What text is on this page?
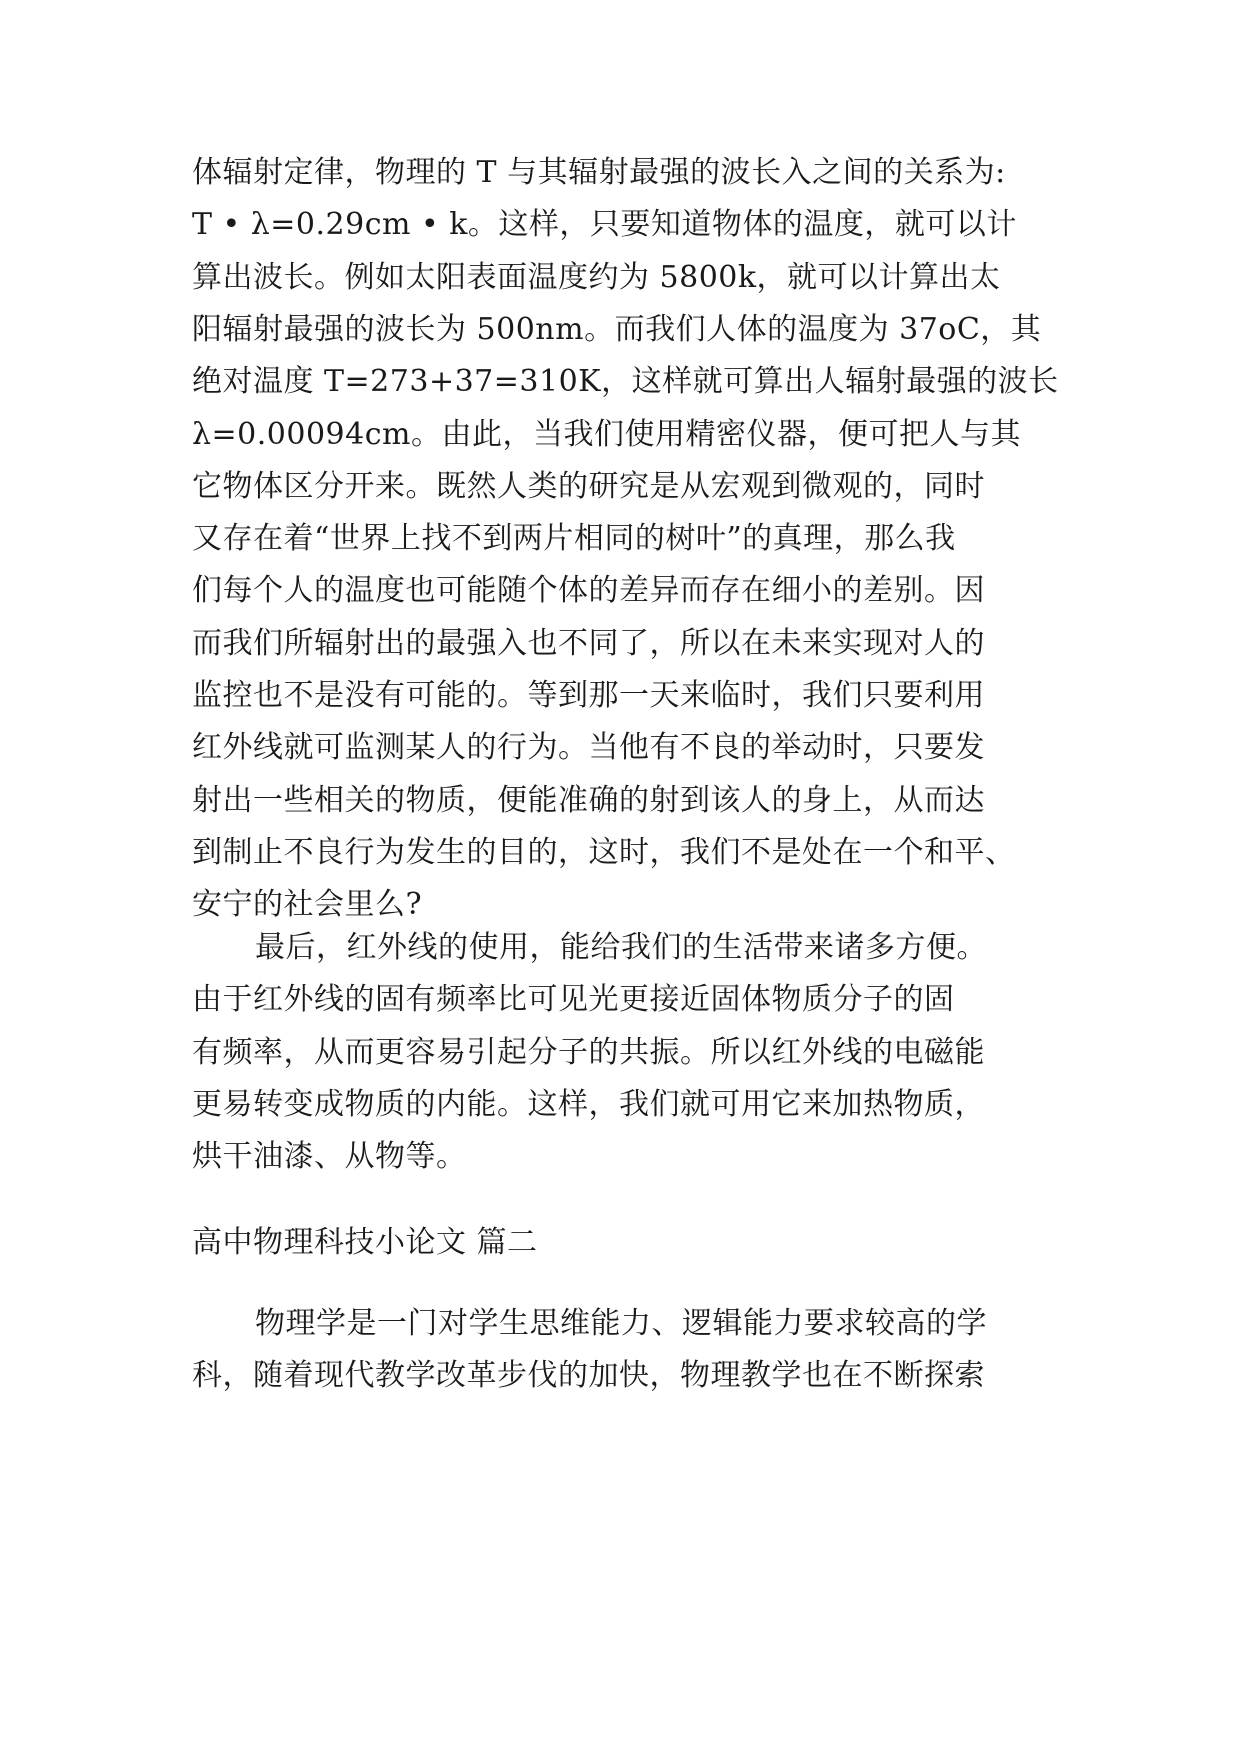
体辐射定律，物理的 T 与其辐射最强的波长入之间的关系为:
T • λ=0.29cm • k。这样，只要知道物体的温度，就可以计
算出波长。例如太阳表面温度约为 5800k，就可以计算出太
阳辐射最强的波长为 500nm。而我们人体的温度为 37oC，其
绝对温度 T=273+37=310K，这样就可算出人辐射最强的波长
λ=0.00094cm。由此，当我们使用精密仪器，便可把人与其
它物体区分开来。既然人类的研究是从宏观到微观的，同时
又存在着“世界上找不到两片相同的树叶”的真理，那么我
们每个人的温度也可能随个体的差异而存在细小的差别。因
而我们所辐射出的最强入也不同了，所以在未来实现对人的
监控也不是没有可能的。等到那一天来临时，我们只要利用
红外线就可监测某人的行为。当他有不良的举动时，只要发
射出一些相关的物质，便能准确的射到该人的身上，从而达
到制止不良行为发生的目的，这时，我们不是处在一个和平、
安宁的社会里么?
最后，红外线的使用，能给我们的生活带来诸多方便。
由于红外线的固有频率比可见光更接近固体物质分子的固
有频率，从而更容易引起分子的共振。所以红外线的电磁能
更易转变成物质的内能。这样，我们就可用它来加热物质，
烘干油漆、从物等。
高中物理科技小论文 篇二
物理学是一门对学生思维能力、逻辑能力要求较高的学
科，随着现代教学改革步伐的加快，物理教学也在不断探索
